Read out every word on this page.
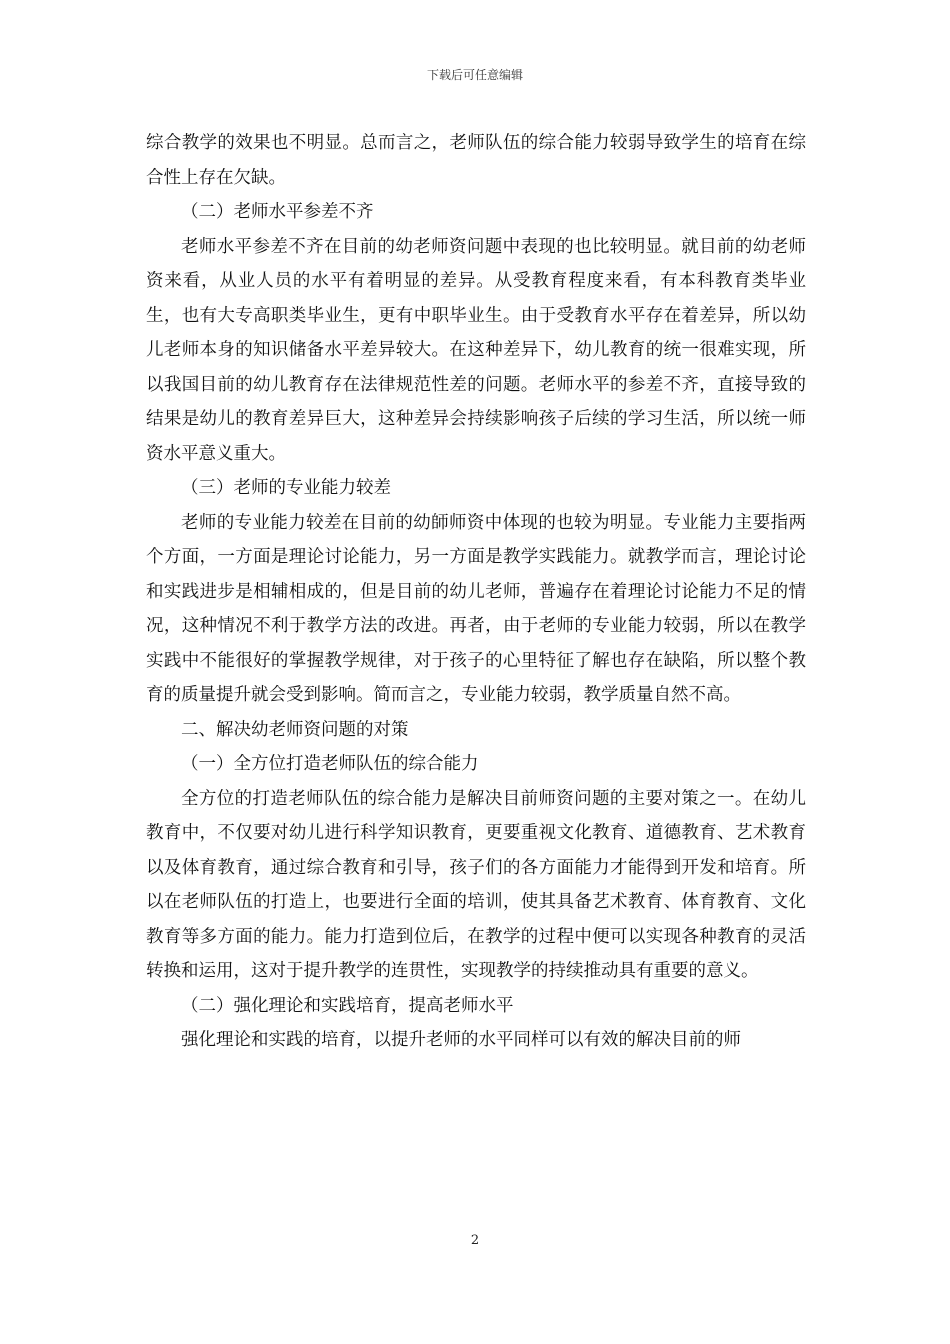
下载后可任意编辑

综合教学的效果也不明显。总而言之，老师队伍的综合能力较弱导致学生的培育在综合性上存在欠缺。

（二）老师水平参差不齐

老师水平参差不齐在目前的幼老师资问题中表现的也比较明显。就目前的幼老师资来看，从业人员的水平有着明显的差异。从受教育程度来看，有本科教育类毕业生，也有大专高职类毕业生，更有中职毕业生。由于受教育水平存在着差异，所以幼儿老师本身的知识储备水平差异较大。在这种差异下，幼儿教育的统一很难实现，所以我国目前的幼儿教育存在法律规范性差的问题。老师水平的参差不齐，直接导致的结果是幼儿的教育差异巨大，这种差异会持续影响孩子后续的学习生活，所以统一师资水平意义重大。

（三）老师的专业能力较差

老师的专业能力较差在目前的幼師师资中体现的也较为明显。专业能力主要指两个方面，一方面是理论讨论能力，另一方面是教学实践能力。就教学而言，理论讨论和实践进步是相辅相成的，但是目前的幼儿老师，普遍存在着理论讨论能力不足的情况，这种情况不利于教学方法的改进。再者，由于老师的专业能力较弱，所以在教学实践中不能很好的掌握教学规律，对于孩子的心里特征了解也存在缺陷，所以整个教育的质量提升就会受到影响。简而言之，专业能力较弱，教学质量自然不高。

二、解决幼老师资问题的对策

（一）全方位打造老师队伍的综合能力

全方位的打造老师队伍的综合能力是解决目前师资问题的主要对策之一。在幼儿教育中，不仅要对幼儿进行科学知识教育，更要重视文化教育、道德教育、艺术教育以及体育教育，通过综合教育和引导，孩子们的各方面能力才能得到开发和培育。所以在老师队伍的打造上，也要进行全面的培训，使其具备艺术教育、体育教育、文化教育等多方面的能力。能力打造到位后，在教学的过程中便可以实现各种教育的灵活转换和运用，这对于提升教学的连贯性，实现教学的持续推动具有重要的意义。

（二）强化理论和实践培育，提高老师水平

强化理论和实践的培育，以提升老师的水平同样可以有效的解决目前的师

2
